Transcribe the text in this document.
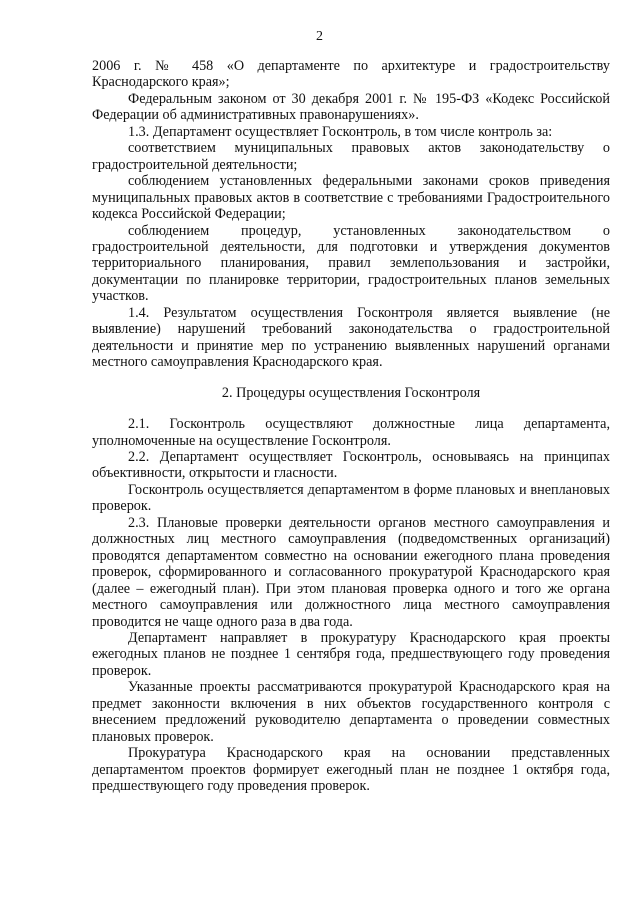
2

2006 г. № 458 «О департаменте по архитектуре и градостроительству Краснодарского края»;

Федеральным законом от 30 декабря 2001 г. № 195-ФЗ «Кодекс Российской Федерации об административных правонарушениях».

1.3. Департамент осуществляет Госконтроль, в том числе контроль за:

соответствием муниципальных правовых актов законодательству о градостроительной деятельности;

соблюдением установленных федеральными законами сроков приведения муниципальных правовых актов в соответствие с требованиями Градостроительного кодекса Российской Федерации;

соблюдением процедур, установленных законодательством о градостроительной деятельности, для подготовки и утверждения документов территориального планирования, правил землепользования и застройки, документации по планировке территории, градостроительных планов земельных участков.

1.4. Результатом осуществления Госконтроля является выявление (не выявление) нарушений требований законодательства о градостроительной деятельности и принятие мер по устранению выявленных нарушений органами местного самоуправления Краснодарского края.

2. Процедуры осуществления Госконтроля

2.1. Госконтроль осуществляют должностные лица департамента, уполномоченные на осуществление Госконтроля.

2.2. Департамент осуществляет Госконтроль, основываясь на принципах объективности, открытости и гласности.

Госконтроль осуществляется департаментом в форме плановых и внеплановых проверок.

2.3. Плановые проверки деятельности органов местного самоуправления и должностных лиц местного самоуправления (подведомственных организаций) проводятся департаментом совместно на основании ежегодного плана проведения проверок, сформированного и согласованного прокуратурой Краснодарского края (далее – ежегодный план). При этом плановая проверка одного и того же органа местного самоуправления или должностного лица местного самоуправления проводится не чаще одного раза в два года.

Департамент направляет в прокуратуру Краснодарского края проекты ежегодных планов не позднее 1 сентября года, предшествующего году проведения проверок.

Указанные проекты рассматриваются прокуратурой Краснодарского края на предмет законности включения в них объектов государственного контроля с внесением предложений руководителю департамента о проведении совместных плановых проверок.

Прокуратура Краснодарского края на основании представленных департаментом проектов формирует ежегодный план не позднее 1 октября года, предшествующего году проведения проверок.
